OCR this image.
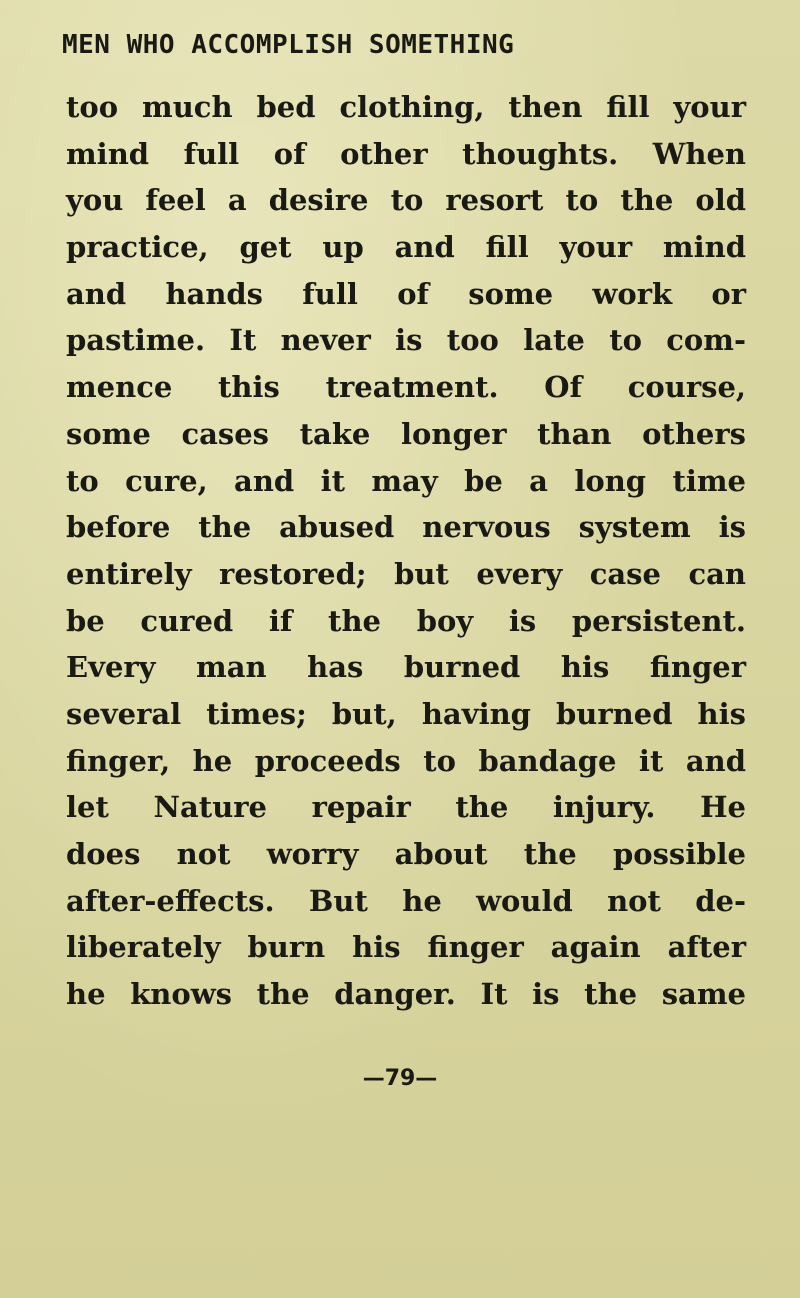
MEN WHO ACCOMPLISH SOMETHING
too much bed clothing, then fill your
mind full of other thoughts. When
you feel a desire to resort to the old
practice, get up and fill your mind
and hands full of some work or
pastime. It never is too late to com-
mence this treatment. Of course,
some cases take longer than others
to cure, and it may be a long time
before the abused nervous system is
entirely restored; but every case can
be cured if the boy is persistent.
Every man has burned his finger
several times; but, having burned his
finger, he proceeds to bandage it and
let Nature repair the injury. He
does not worry about the possible
after-effects. But he would not de-
liberately burn his finger again after
he knows the danger. It is the same
—79—
